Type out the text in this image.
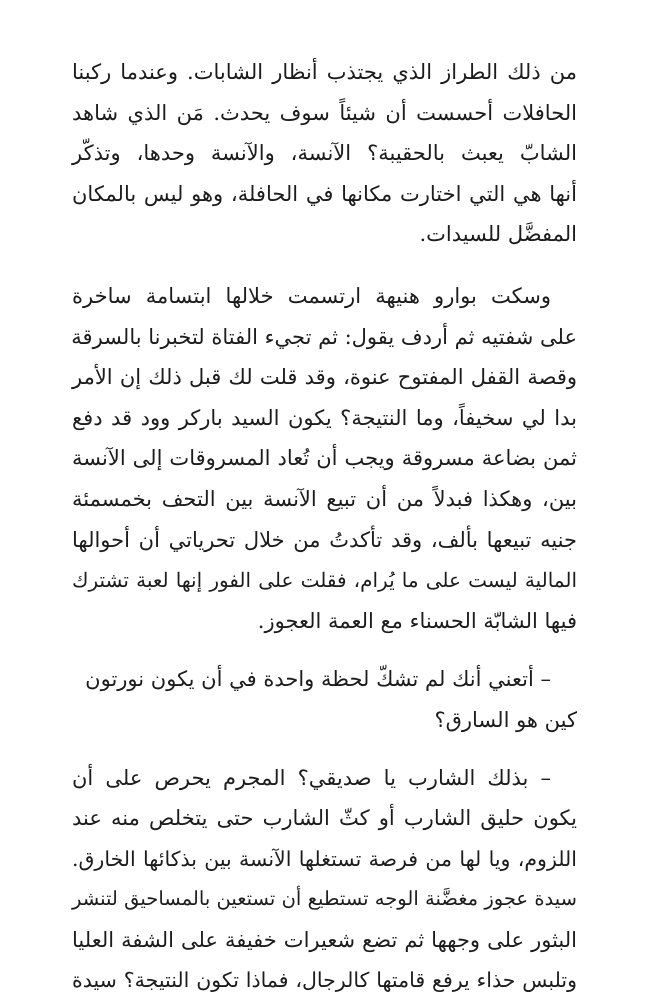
من ذلك الطراز الذي يجتذب أنظار الشابات. وعندما ركبنا
الحافلات أحسست أن شيئاً سوف يحدث. مَن الذي شاهد
الشابّ يعبث بالحقيبة؟ الآنسة، والآنسة وحدها، وتذكّر
أنها هي التي اختارت مكانها في الحافلة، وهو ليس بالمكان
المفضَّل للسيدات.
وسكت بوارو هنيهة ارتسمت خلالها ابتسامة ساخرة
على شفتيه ثم أردف يقول: ثم تجيء الفتاة لتخبرنا بالسرقة
وقصة القفل المفتوح عنوة، وقد قلت لك قبل ذلك إن الأمر
بدا لي سخيفاً، وما النتيجة؟ يكون السيد باركر وود قد دفع
ثمن بضاعة مسروقة ويجب أن تُعاد المسروقات إلى الآنسة
بين، وهكذا فبدلاً من أن تبيع الآنسة بين التحف بخمسمئة
جنيه تبيعها بألف، وقد تأكدتُ من خلال تحرياتي أن أحوالها
المالية ليست على ما يُرام، فقلت على الفور إنها لعبة تشترك
فيها الشابّة الحسناء مع العمة العجوز.
– أتعني أنك لم تشكّ لحظة واحدة في أن يكون نورتون
كين هو السارق؟
– بذلك الشارب يا صديقي؟ المجرم يحرص على أن
يكون حليق الشارب أو كثّ الشارب حتى يتخلص منه عند
اللزوم، ويا لها من فرصة تستغلها الآنسة بين بذكائها الخارق.
سيدة عجوز مغضَّنة الوجه تستطيع أن تستعين بالمساحيق لتنشر
البثور على وجهها ثم تضع شعيرات خفيفة على الشفة العليا
وتلبس حذاء يرفع قامتها كالرجال، فماذا تكون النتيجة؟ سيدة
